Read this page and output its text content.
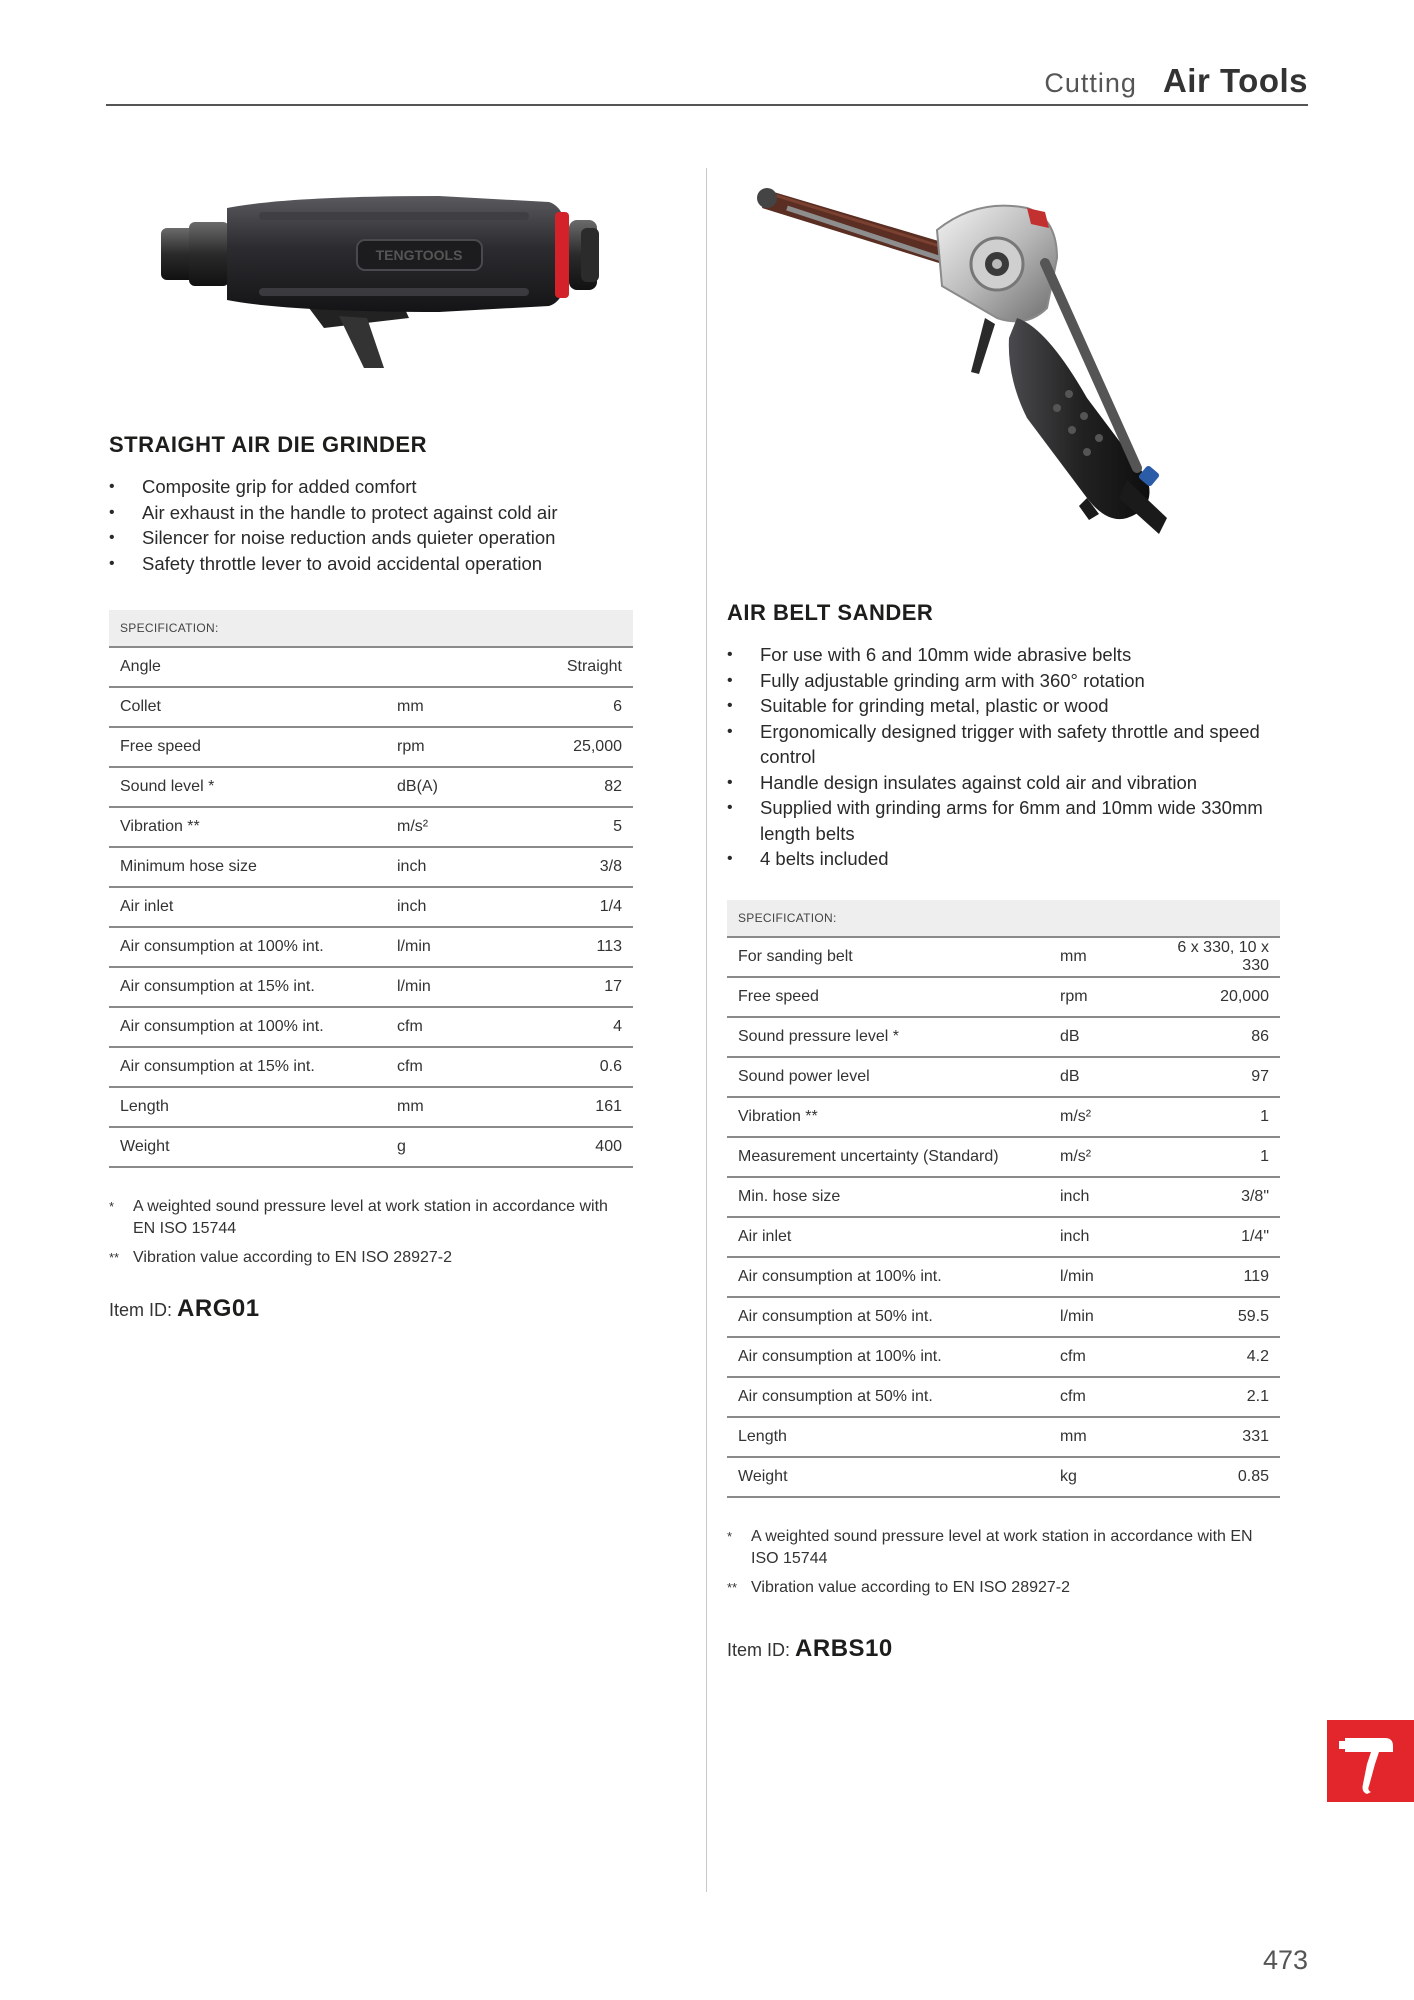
Cutting Air Tools
TENGTOOLS
STRAIGHT AIR DIE GRINDER
• Composite grip for added comfort
• Air exhaust in the handle to protect against cold air
• Silencer for noise reduction ands quieter operation
• Safety throttle lever to avoid accidental operation
SPECIFICATION:
Angle		Straight
Collet	mm	6
Free speed	rpm	25,000
Sound level *	dB(A)	82
Vibration **	m/s²	5
Minimum hose size	inch	3/8
Air inlet	inch	1/4
Air consumption at 100% int.	l/min	113
Air consumption at 15% int.	l/min	17
Air consumption at 100% int.	cfm	4
Air consumption at 15% int.	cfm	0.6
Length	mm	161
Weight	g	400
* A weighted sound pressure level at work station in accordance with EN ISO 15744
** Vibration value according to EN ISO 28927-2
Item ID: ARG01
AIR BELT SANDER
• For use with 6 and 10mm wide abrasive belts
• Fully adjustable grinding arm with 360° rotation
• Suitable for grinding metal, plastic or wood
• Ergonomically designed trigger with safety throttle and speed control
• Handle design insulates against cold air and vibration
• Supplied with grinding arms for 6mm and 10mm wide 330mm length belts
• 4 belts included
SPECIFICATION:
For sanding belt	mm	6 x 330, 10 x 330
Free speed	rpm	20,000
Sound pressure level *	dB	86
Sound power level	dB	97
Vibration **	m/s²	1
Measurement uncertainty (Standard)	m/s²	1
Min. hose size	inch	3/8"
Air inlet	inch	1/4"
Air consumption at 100% int.	l/min	119
Air consumption at 50% int.	l/min	59.5
Air consumption at 100% int.	cfm	4.2
Air consumption at 50% int.	cfm	2.1
Length	mm	331
Weight	kg	0.85
* A weighted sound pressure level at work station in accordance with EN ISO 15744
** Vibration value according to EN ISO 28927-2
Item ID: ARBS10
473
